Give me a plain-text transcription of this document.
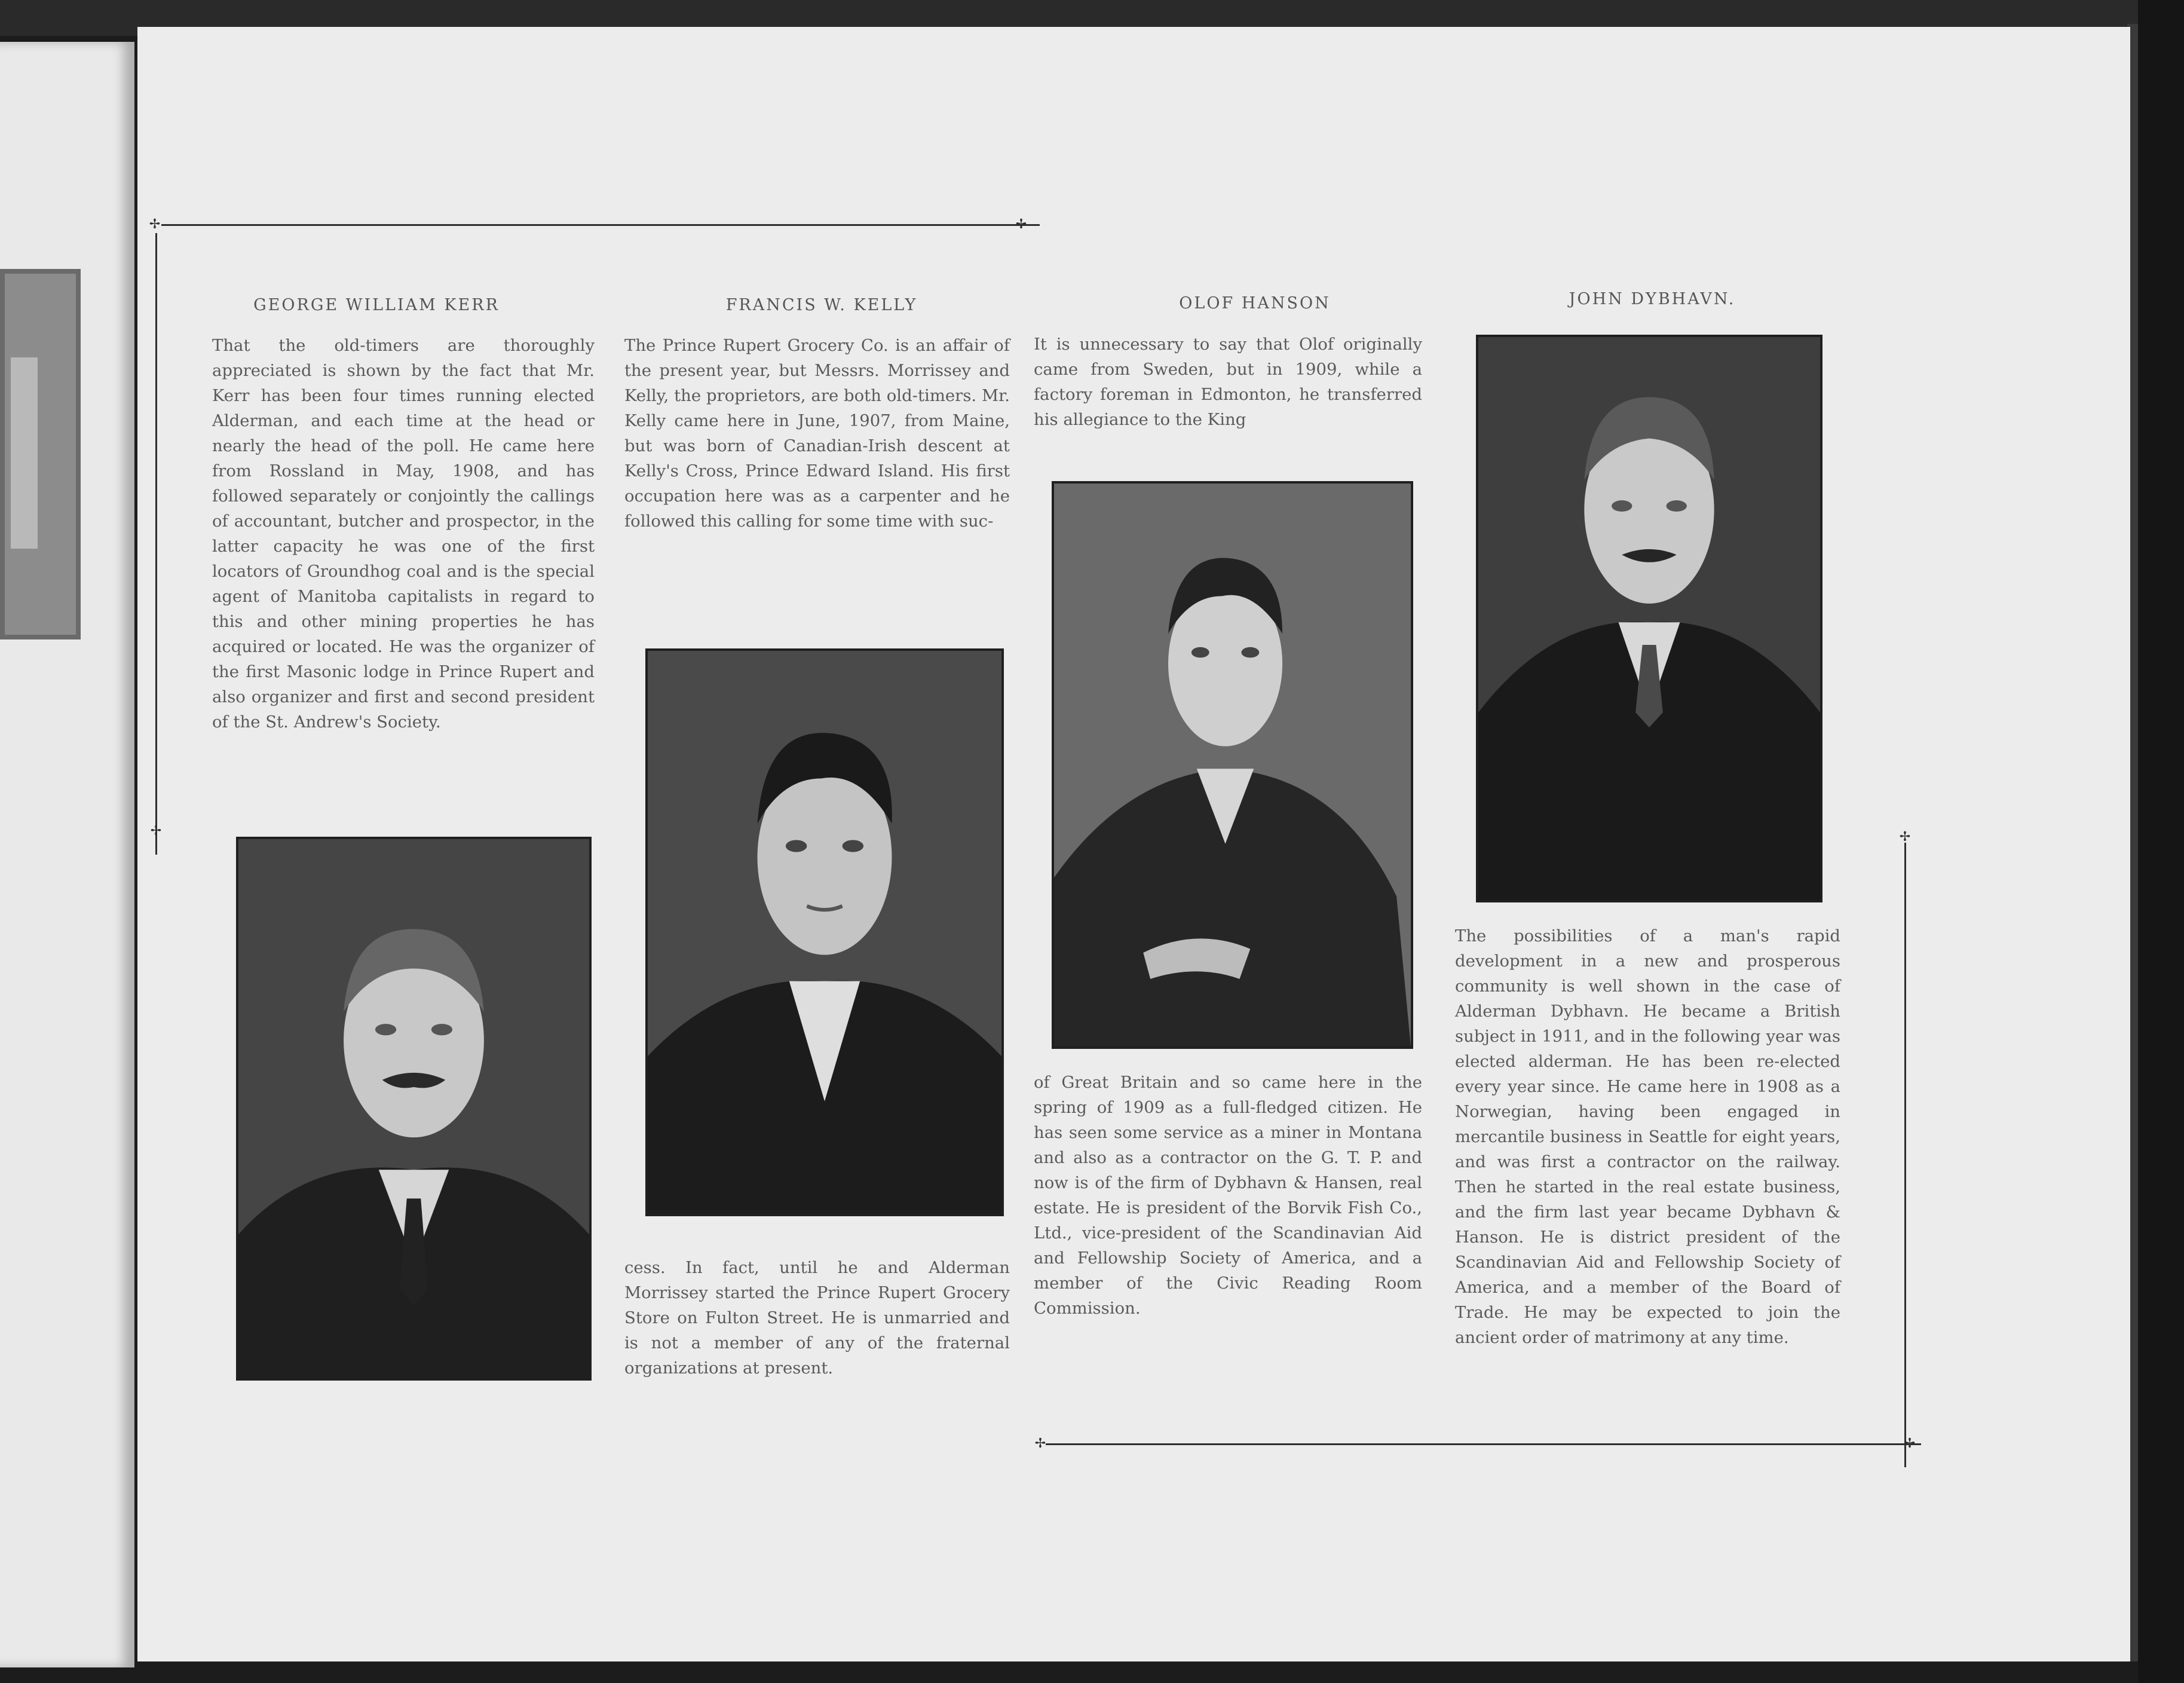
✢	✢
✢	✢
✢
✢
GEORGE WILLIAM KERR

That the old-timers are thoroughly appreciated is shown by the fact that Mr. Kerr has been four times running elected Alderman, and each time at the head or nearly the head of the poll. He came here from Rossland in May, 1908, and has followed separately or conjointly the callings of accountant, butcher and prospector, in the latter capacity he was one of the first locators of Groundhog coal and is the special agent of Manitoba capitalists in regard to this and other mining properties he has acquired or located. He was the organizer of the first Masonic lodge in Prince Rupert and also organizer and first and second president of the St. Andrew's Society.

FRANCIS W. KELLY

The Prince Rupert Grocery Co. is an affair of the present year, but Messrs. Morrissey and Kelly, the proprietors, are both old-timers. Mr. Kelly came here in June, 1907, from Maine, but was born of Canadian-Irish descent at Kelly's Cross, Prince Edward Island. His first occupation here was as a carpenter and he followed this calling for some time with suc-

cess. In fact, until he and Alderman Morrissey started the Prince Rupert Grocery Store on Fulton Street. He is unmarried and is not a member of any of the fraternal organizations at present.

OLOF HANSON

It is unnecessary to say that Olof originally came from Sweden, but in 1909, while a factory foreman in Edmonton, he transferred his allegiance to the King

of Great Britain and so came here in the spring of 1909 as a full-fledged citizen. He has seen some service as a miner in Montana and also as a contractor on the G. T. P. and now is of the firm of Dybhavn & Hansen, real estate. He is president of the Borvik Fish Co., Ltd., vice-president of the Scandinavian Aid and Fellowship Society of America, and a member of the Civic Reading Room Commission.

JOHN DYBHAVN.

The possibilities of a man's rapid development in a new and prosperous community is well shown in the case of Alderman Dybhavn. He became a British subject in 1911, and in the following year was elected alderman. He has been re-elected every year since. He came here in 1908 as a Norwegian, having been engaged in mercantile business in Seattle for eight years, and was first a contractor on the railway. Then he started in the real estate business, and the firm last year became Dybhavn & Hanson. He is district president of the Scandinavian Aid and Fellowship Society of America, and a member of the Board of Trade. He may be expected to join the ancient order of matrimony at any time.
